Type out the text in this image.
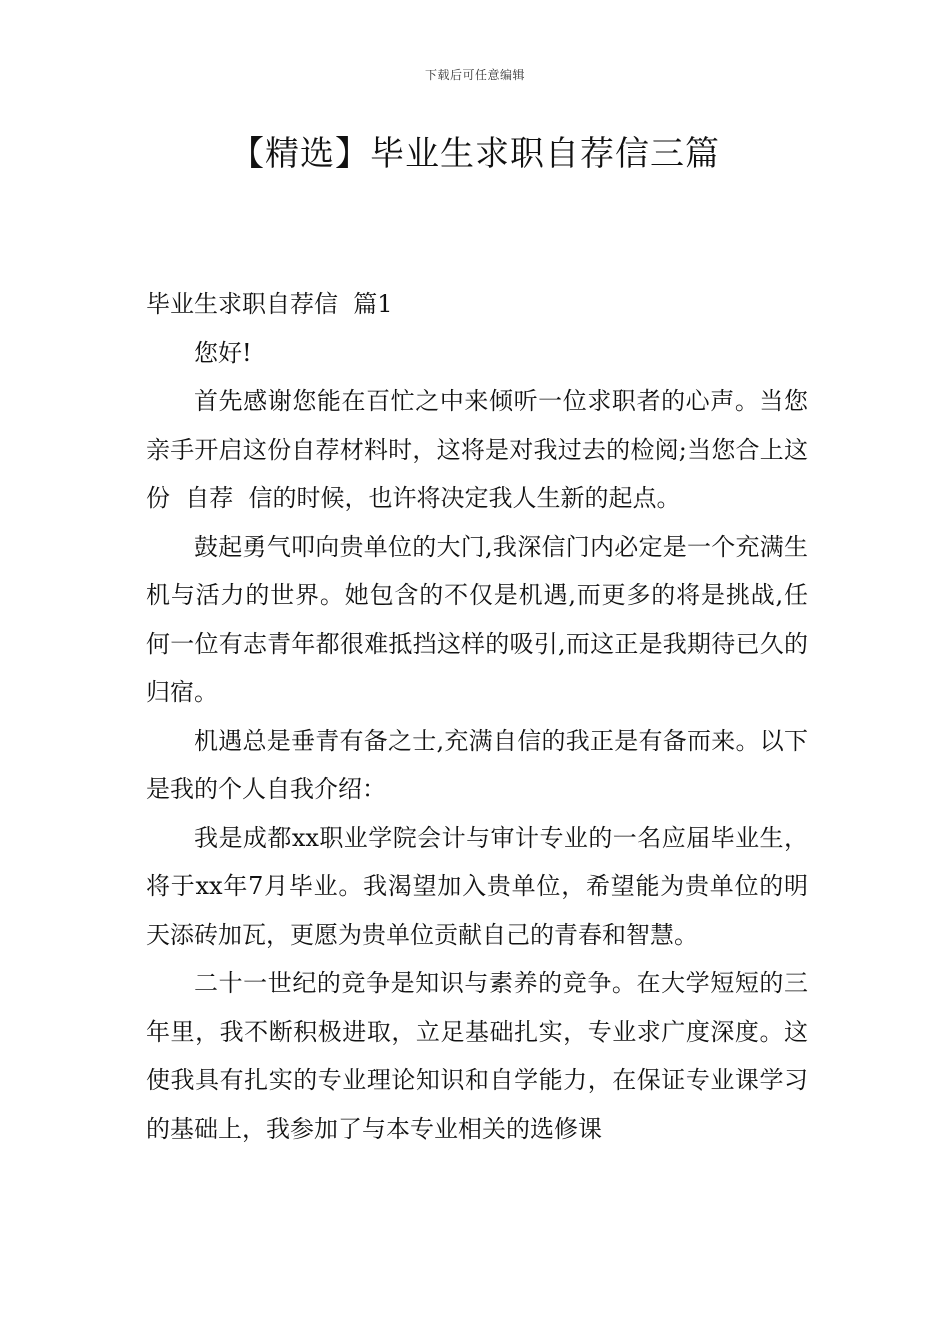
下载后可任意编辑
【精选】毕业生求职自荐信三篇

毕业生求职自荐信  篇1

您好!

首先感谢您能在百忙之中来倾听一位求职者的心声。当您亲手开启这份自荐材料时，这将是对我过去的检阅;当您合上这份  自荐  信的时候，也许将决定我人生新的起点。

鼓起勇气叩向贵单位的大门,我深信门内必定是一个充满生机与活力的世界。她包含的不仅是机遇,而更多的将是挑战,任何一位有志青年都很难抵挡这样的吸引,而这正是我期待已久的归宿。

机遇总是垂青有备之士,充满自信的我正是有备而来。以下是我的个人自我介绍：

我是成都xx职业学院会计与审计专业的一名应届毕业生，将于xx年7月毕业。我渴望加入贵单位，希望能为贵单位的明天添砖加瓦，更愿为贵单位贡献自己的青春和智慧。

二十一世纪的竞争是知识与素养的竞争。在大学短短的三年里，我不断积极进取，立足基础扎实，专业求广度深度。这使我具有扎实的专业理论知识和自学能力，在保证专业课学习的基础上，我参加了与本专业相关的选修课
